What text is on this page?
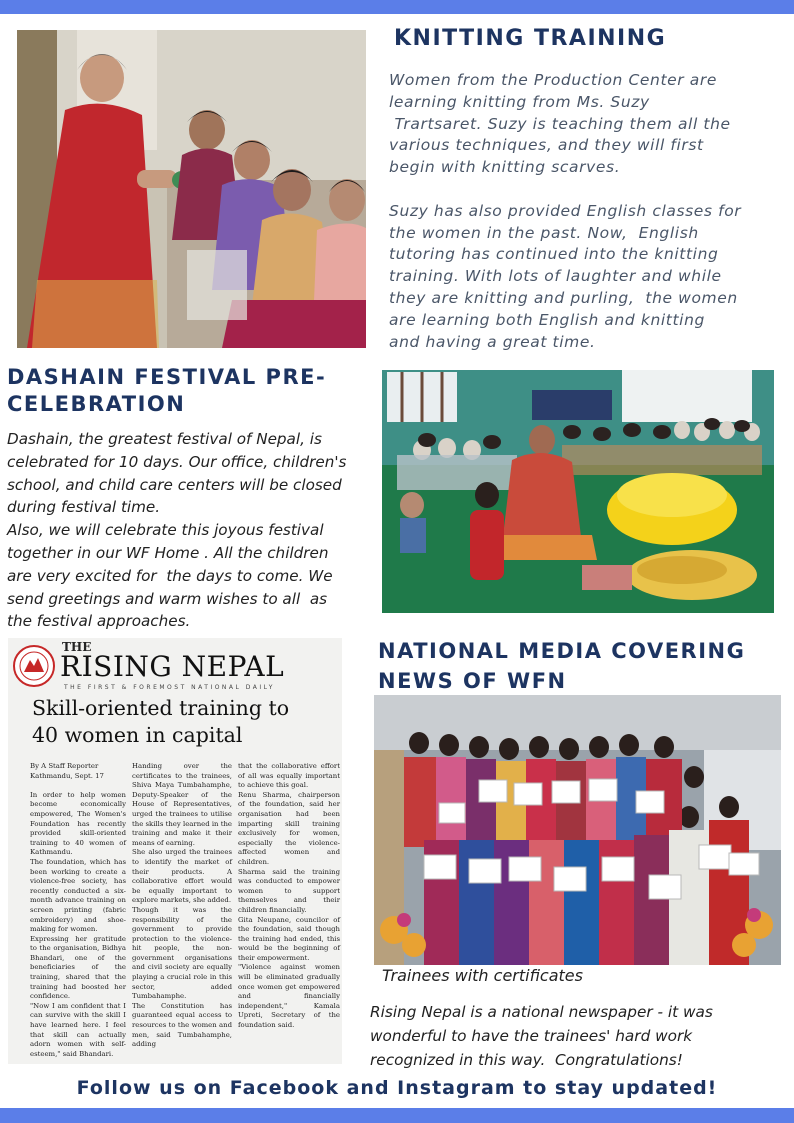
KNITTING TRAINING

Women from the Production Center are
learning knitting from Ms. Suzy
Trartsaret. Suzy is teaching them all the
various techniques, and they will first
begin with knitting scarves.

Suzy has also provided English classes for
the women in the past. Now,  English
tutoring has continued into the knitting
training. With lots of laughter and while
they are knitting and purling,  the women
are learning both English and knitting
and having a great time.

DASHAIN FESTIVAL PRE-
CELEBRATION

Dashain, the greatest festival of Nepal, is
celebrated for 10 days. Our office, children's
school, and child care centers will be closed
during festival time.
Also, we will celebrate this joyous festival
together in our WF Home . All the children
are very excited for  the days to come. We
send greetings and warm wishes to all  as
the festival approaches.

THE
RISING NEPAL
THE FIRST & FOREMOST NATIONAL DAILY
Skill-oriented training to
40 women in capital
By A Staff Reporter
Kathmandu, Sept. 17

In order to help women become economically empowered, The Women's Foundation has recently provided skill-oriented training to 40 women of Kathmandu.
The foundation, which has been working to create a violence-free society, has recently conducted a six-month advance training on screen printing (fabric embroidery) and shoe-making for women.
Expressing her gratitude to the organisation, Bidhya Bhandari, one of the beneficiaries of the training, shared that the training had boosted her confidence.
"Now I am confident that I can survive with the skill I have learned here. I feel that skill can actually adorn women with self-esteem," said Bhandari.
Handing over the certificates to the trainees, Shiva Maya Tumbahamphe, Deputy-Speaker of the House of Representatives, urged the trainees to utilise the skills they learned in the training and make it their means of earning.
She also urged the trainees to identify the market of their products. A collaborative effort would be equally important to explore markets, she added.
Though it was the responsibility of the government to provide protection to the violence-hit people, the non-government organisations and civil society are equally playing a crucial role in this sector, added Tumbahamphe.
The Constitution has guaranteed equal access to resources to the women and men, said Tumbahamphe, adding
that the collaborative effort of all was equally important to achieve this goal.
Renu Sharma, chairperson of the foundation, said her organisation had been imparting skill training exclusively for women, especially the violence-affected women and children.
Sharma said the training was conducted to empower women to support themselves and their children financially.
Gita Neupane, councilor of the foundation, said though the training had ended, this would be the beginning of their empowerment.
"Violence against women will be eliminated gradually once women get empowered and financially independent," Kamala Upreti, Secretary of the foundation said.
NATIONAL MEDIA COVERING
NEWS OF WFN

Trainees with certificates

Rising Nepal is a national newspaper - it was
wonderful to have the trainees' hard work
recognized in this way.  Congratulations!

Follow us on Facebook and Instagram to stay updated!
